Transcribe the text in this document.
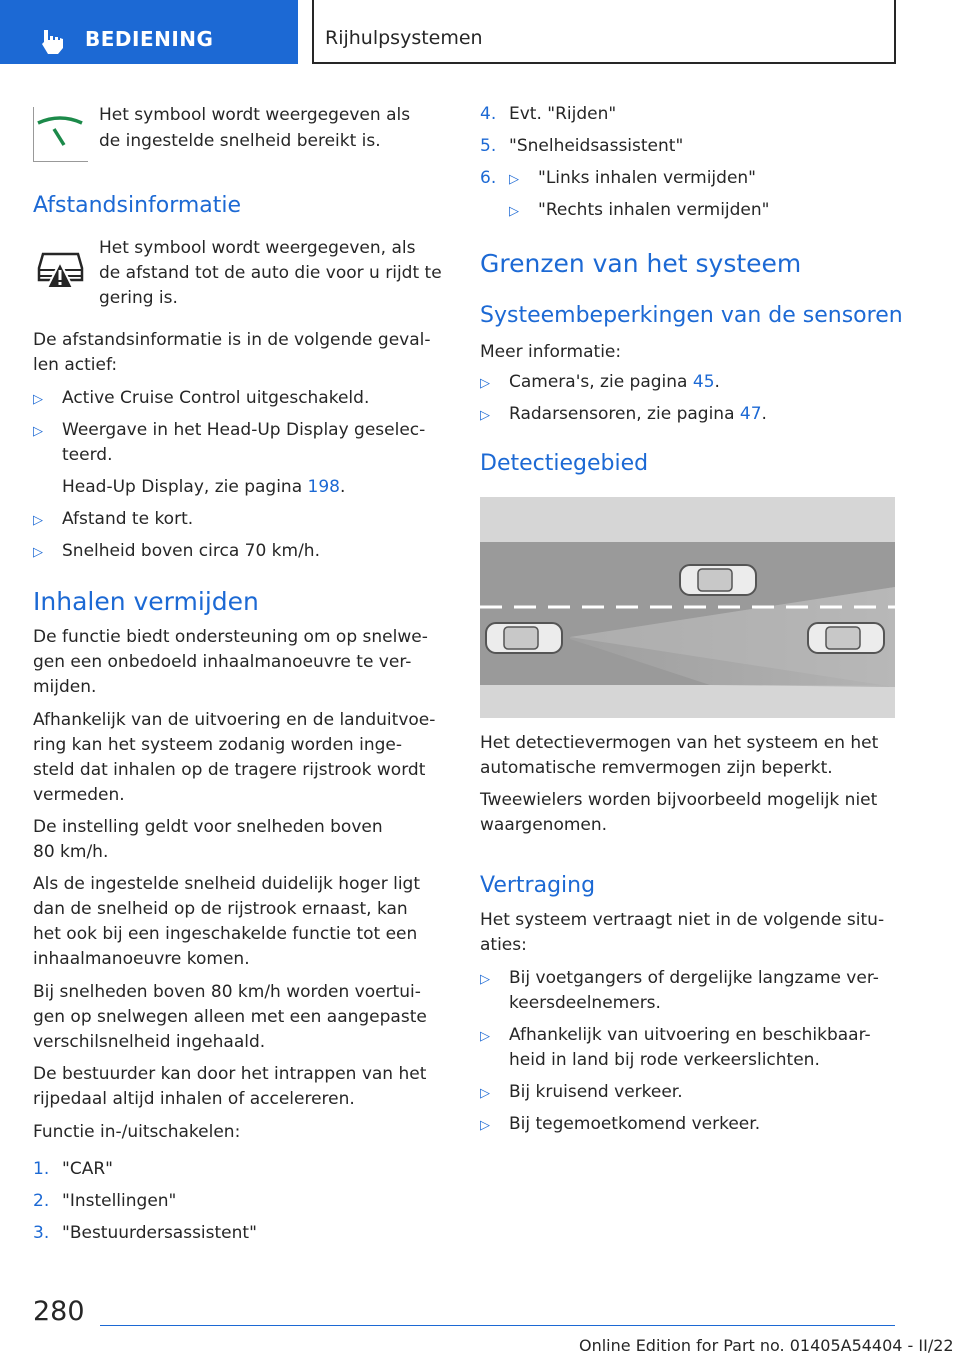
BEDIENING	Rijhulpsystemen
Het symbool wordt weergegeven als
de ingestelde snelheid bereikt is.
Afstandsinformatie
Het symbool wordt weergegeven, als
de afstand tot de auto die voor u rijdt te
gering is.
De afstandsinformatie is in de volgende geval-
len actief:
▷ Active Cruise Control uitgeschakeld.
▷ Weergave in het Head-Up Display geselec-
teerd.
Head-Up Display, zie pagina 198.
▷ Afstand te kort.
▷ Snelheid boven circa 70 km/h.
Inhalen vermijden
De functie biedt ondersteuning om op snelwe-
gen een onbedoeld inhaalmanoeuvre te ver-
mijden.
Afhankelijk van de uitvoering en de landuitvoe-
ring kan het systeem zodanig worden inge-
steld dat inhalen op de tragere rijstrook wordt
vermeden.
De instelling geldt voor snelheden boven
80 km/h.
Als de ingestelde snelheid duidelijk hoger ligt
dan de snelheid op de rijstrook ernaast, kan
het ook bij een ingeschakelde functie tot een
inhaalmanoeuvre komen.
Bij snelheden boven 80 km/h worden voertui-
gen op snelwegen alleen met een aangepaste
verschilsnelheid ingehaald.
De bestuurder kan door het intrappen van het
rijpedaal altijd inhalen of accelereren.
Functie in-/uitschakelen:
1. "CAR"
2. "Instellingen"
3. "Bestuurdersassistent"
4. Evt. "Rijden"
5. "Snelheidsassistent"
6. ▷ "Links inhalen vermijden"
▷ "Rechts inhalen vermijden"
Grenzen van het systeem
Systeembeperkingen van de sensoren
Meer informatie:
▷ Camera's, zie pagina 45.
▷ Radarsensoren, zie pagina 47.
Detectiegebied
Het detectievermogen van het systeem en het
automatische remvermogen zijn beperkt.
Tweewielers worden bijvoorbeeld mogelijk niet
waargenomen.
Vertraging
Het systeem vertraagt niet in de volgende situ-
aties:
▷ Bij voetgangers of dergelijke langzame ver-
keersdeelnemers.
▷ Afhankelijk van uitvoering en beschikbaar-
heid in land bij rode verkeerslichten.
▷ Bij kruisend verkeer.
▷ Bij tegemoetkomend verkeer.
280
Online Edition for Part no. 01405A54404 - II/22
